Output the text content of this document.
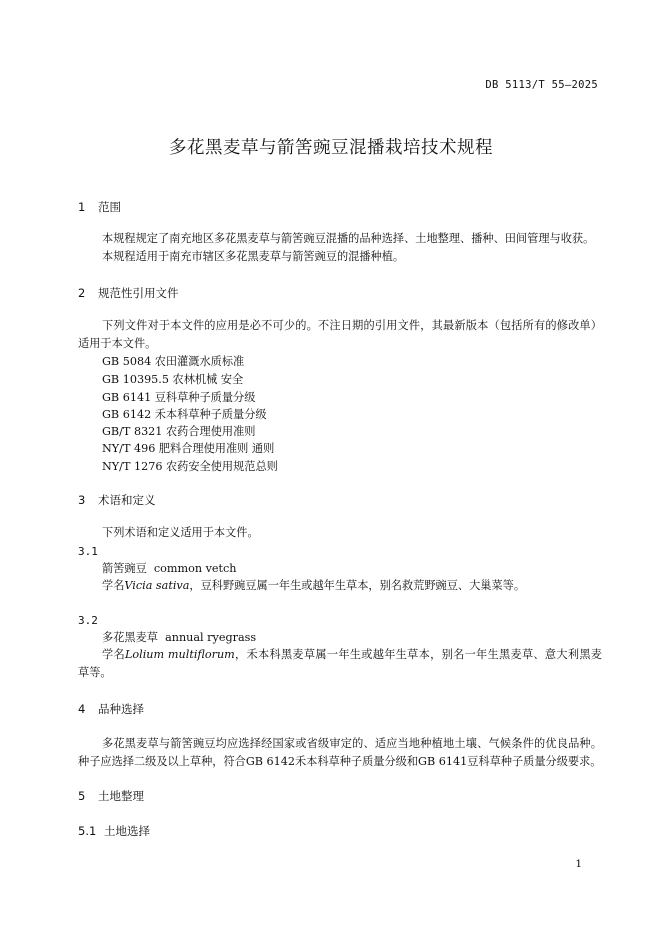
DB 5113/T 55—2025
多花黑麦草与箭筈豌豆混播栽培技术规程
1 范围
本规程规定了南充地区多花黑麦草与箭筈豌豆混播的品种选择、土地整理、播种、田间管理与收获。
本规程适用于南充市辖区多花黑麦草与箭筈豌豆的混播种植。
2 规范性引用文件
下列文件对于本文件的应用是必不可少的。不注日期的引用文件，其最新版本（包括所有的修改单）适用于本文件。
GB 5084 农田灌溉水质标准
GB 10395.5 农林机械 安全
GB 6141 豆科草种子质量分级
GB 6142 禾本科草种子质量分级
GB/T 8321 农药合理使用准则
NY/T 496 肥料合理使用准则 通则
NY/T 1276 农药安全使用规范总则
3 术语和定义
下列术语和定义适用于本文件。
3.1
箭筈豌豆 common vetch
学名Vicia sativa，豆科野豌豆属一年生或越年生草本，别名救荒野豌豆、大巢菜等。
3.2
多花黑麦草 annual ryegrass
学名Lolium multiflorum，禾本科黑麦草属一年生或越年生草本，别名一年生黑麦草、意大利黑麦草等。
4 品种选择
多花黑麦草与箭筈豌豆均应选择经国家或省级审定的、适应当地种植地土壤、气候条件的优良品种。种子应选择二级及以上草种，符合GB 6142禾本科草种子质量分级和GB 6141豆科草种子质量分级要求。
5 土地整理
5.1 土地选择
1
